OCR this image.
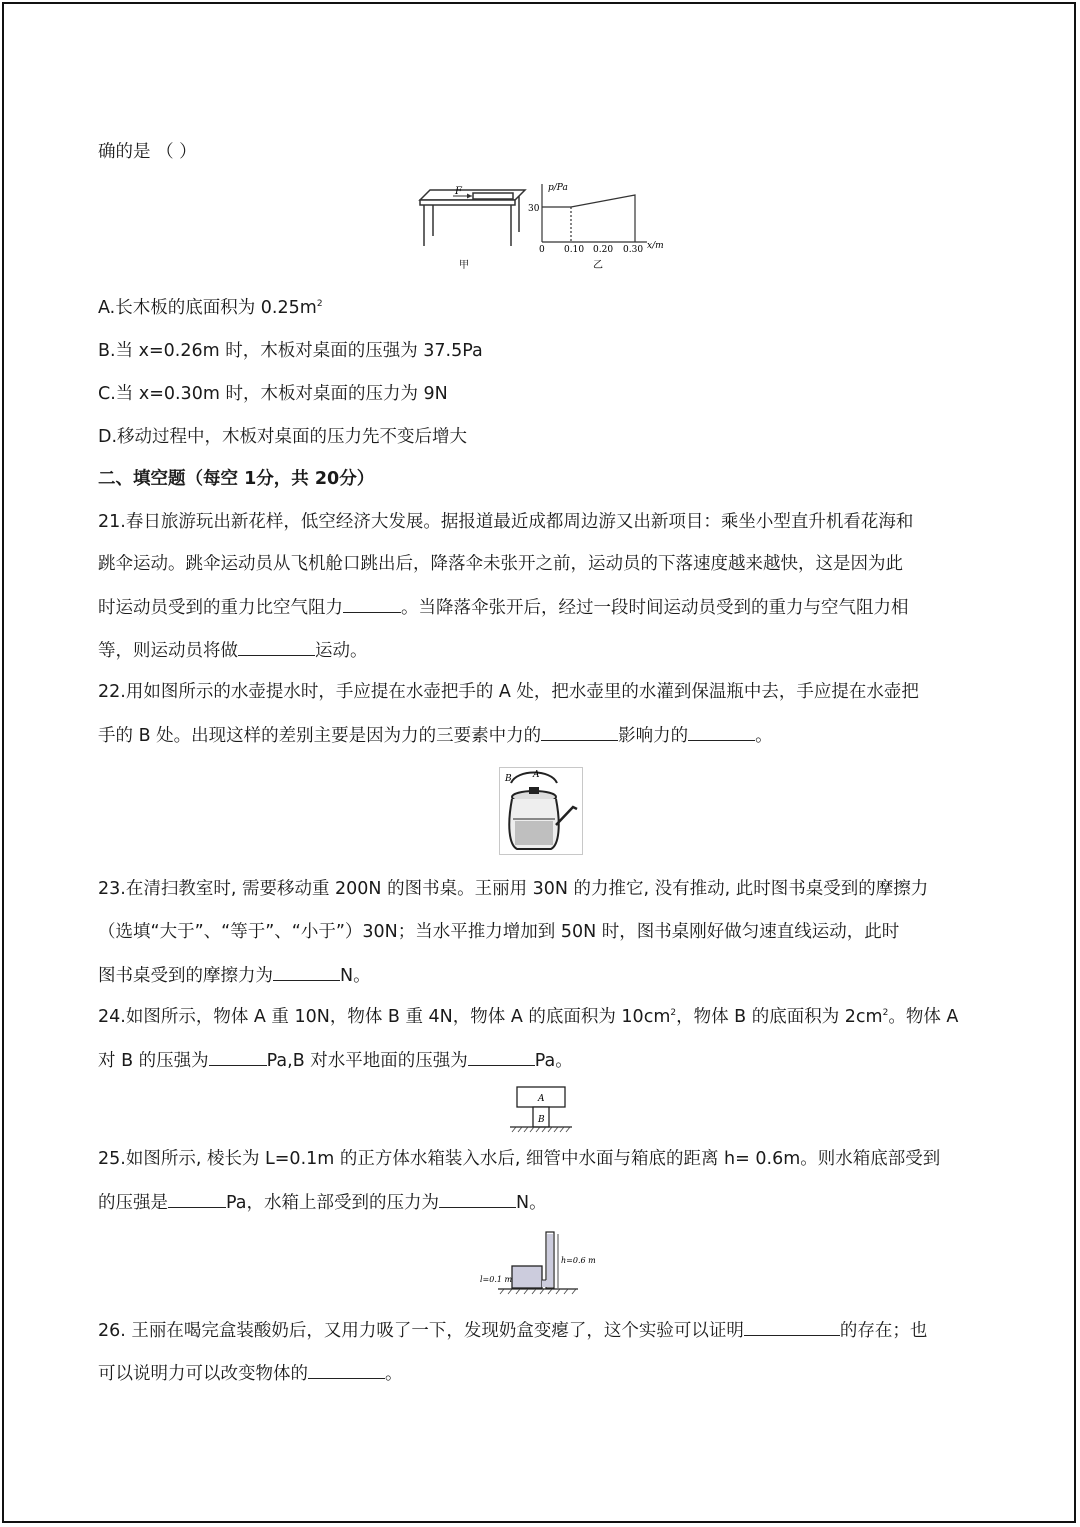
确的是 （ ）
F
甲
p/Pa
30
0 0.10 0.20 0.30 x/m
乙
A.长木板的底面积为 $0.25m^2$
B.当 x=0.26m 时，木板对桌面的压强为 37.5Pa
C.当 x=0.30m 时，木板对桌面的压力为 9N
D.移动过程中，木板对桌面的压力先不变后增大
二、填空题（每空 1分，共 20分）
21.春日旅游玩出新花样，低空经济大发展。据报道最近成都周边游又出新项目：乘坐小型直升机看花海和
跳伞运动。跳伞运动员从飞机舱口跳出后，降落伞未张开之前，运动员的下落速度越来越快，这是因为此
时运动员受到的重力比空气阻力	。当降落伞张开后，经过一段时间运动员受到的重力与空气阻力相
等，则运动员将做	运动。
22.用如图所示的水壶提水时，手应提在水壶把手的 A 处，把水壶里的水灌到保温瓶中去，手应提在水壶把
手的 B 处。出现这样的差别主要是因为力的三要素中力的	影响力的	。
A
B
23.在清扫教室时, 需要移动重 200N 的图书桌。王丽用 30N 的力推它, 没有推动, 此时图书桌受到的摩擦力
（选填“大于”、“等于”、“小于”）30N；当水平推力增加到 50N 时，图书桌刚好做匀速直线运动，此时
图书桌受到的摩擦力为	N。
24.如图所示，物体 A 重 10N，物体 B 重 4N，物体 A 的底面积为 $10cm^2$，物体 B 的底面积为 $2cm^2$。物体 A
对 B 的压强为	Pa,B 对水平地面的压强为	Pa。
A
B
25.如图所示, 棱长为 L=0.1m 的正方体水箱装入水后, 细管中水面与箱底的距离 h= 0.6m。则水箱底部受到
的压强是	Pa，水箱上部受到的压力为	N。
h=0.6 m
l=0.1 m
26. 王丽在喝完盒装酸奶后，又用力吸了一下，发现奶盒变瘪了，这个实验可以证明	的存在；也
可以说明力可以改变物体的	。
